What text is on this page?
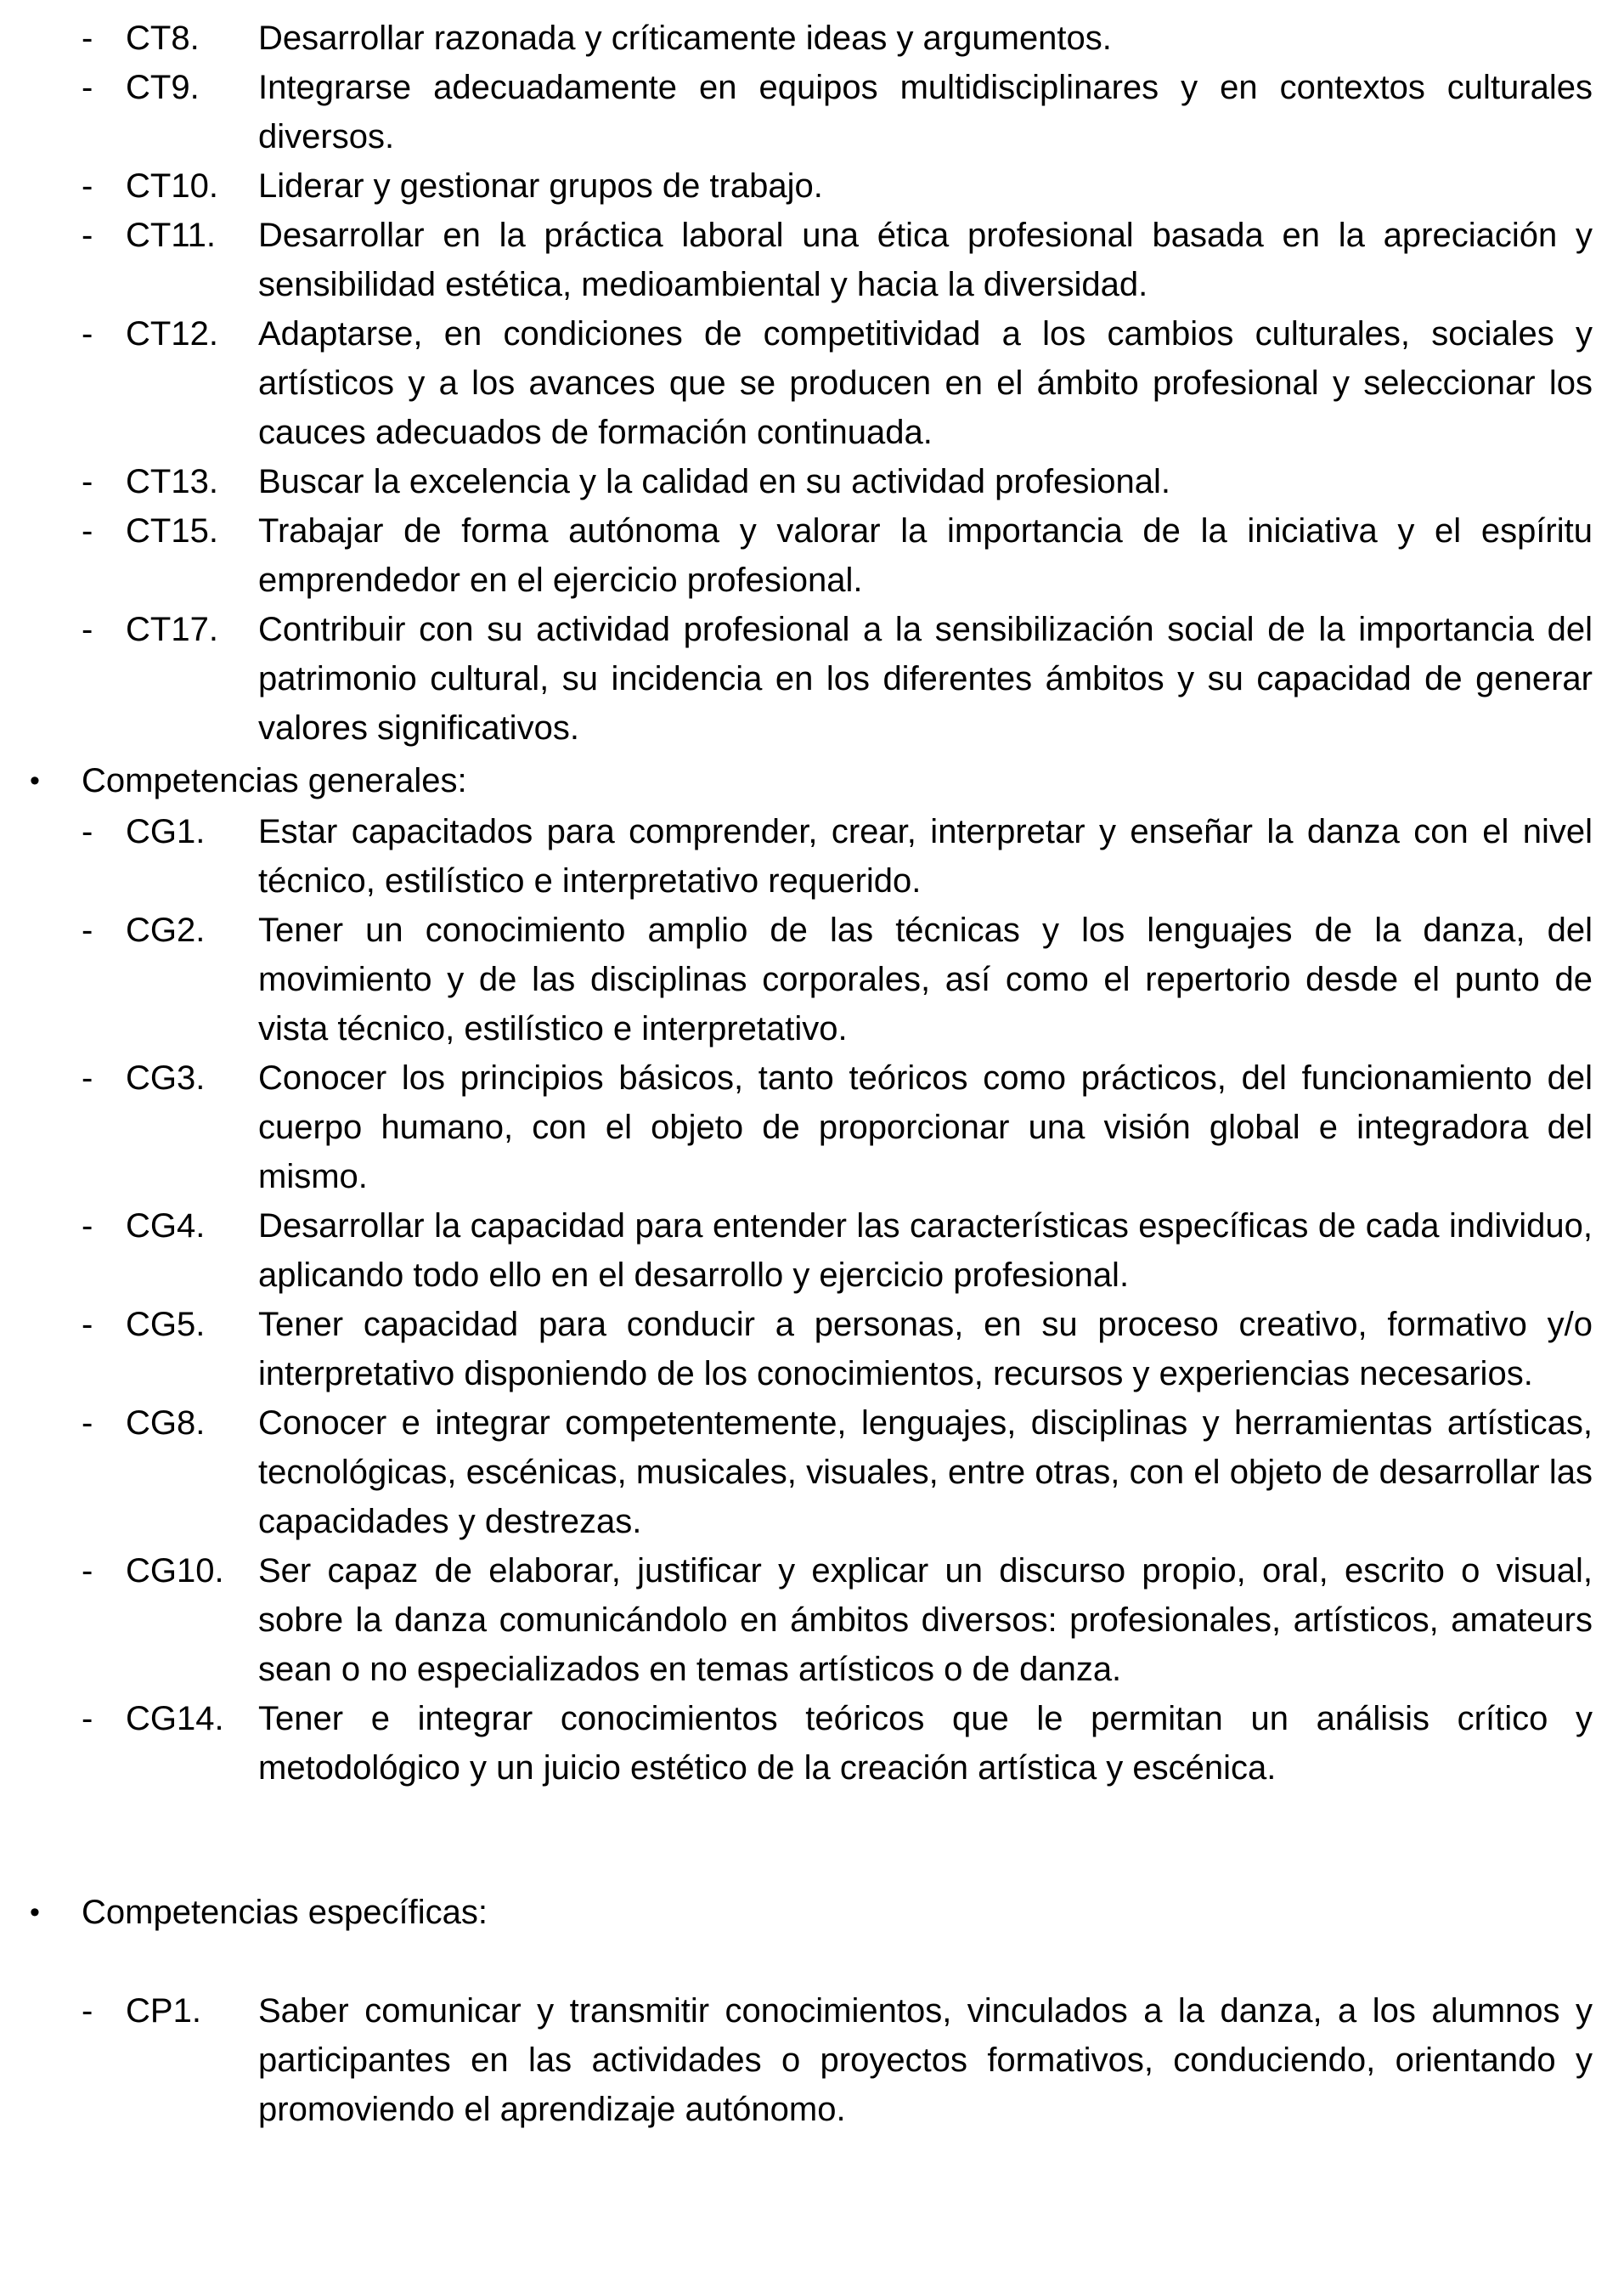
- CT8.	Desarrollar razonada y críticamente ideas y argumentos.

- CT9.	Integrarse adecuadamente en equipos multidisciplinares y en contextos culturales diversos.

- CT10.	Liderar y gestionar grupos de trabajo.

- CT11.	Desarrollar en la práctica laboral una ética profesional basada en la apreciación y sensibilidad estética, medioambiental y hacia la diversidad.

- CT12.	Adaptarse, en condiciones de competitividad a los cambios culturales, sociales y artísticos y a los avances que se producen en el ámbito profesional y seleccionar los cauces adecuados de formación continuada.

- CT13.	Buscar la excelencia y la calidad en su actividad profesional.

- CT15.	Trabajar de forma autónoma y valorar la importancia de la iniciativa y el espíritu emprendedor en el ejercicio profesional.

- CT17.	Contribuir con su actividad profesional a la sensibilización social de la importancia del patrimonio cultural, su incidencia en los diferentes ámbitos y su capacidad de generar valores significativos.

•	Competencias generales:
- CG1.	Estar capacitados para comprender, crear, interpretar y enseñar la danza con el nivel técnico, estilístico e interpretativo requerido.

- CG2.	Tener un conocimiento amplio de las técnicas y los lenguajes de la danza, del movimiento y de las disciplinas corporales, así como el repertorio desde el punto de vista técnico, estilístico e interpretativo.

- CG3.	Conocer los principios básicos, tanto teóricos como prácticos, del funcionamiento del cuerpo humano, con el objeto de proporcionar una visión global e integradora del mismo.

- CG4.	Desarrollar la capacidad para entender las características específicas de cada individuo, aplicando todo ello en el desarrollo y ejercicio profesional.

- CG5.	Tener capacidad para conducir a personas, en su proceso creativo, formativo y/o interpretativo disponiendo de los conocimientos, recursos y experiencias necesarios.

- CG8.	Conocer e integrar competentemente, lenguajes, disciplinas y herramientas artísticas, tecnológicas, escénicas, musicales, visuales, entre otras, con el objeto de desarrollar las capacidades y destrezas.

- CG10.	Ser capaz de elaborar, justificar y explicar un discurso propio, oral, escrito o visual, sobre la danza comunicándolo en ámbitos diversos: profesionales, artísticos, amateurs sean o no especializados en temas artísticos o de danza.

- CG14.	Tener e integrar conocimientos teóricos que le permitan un análisis crítico y metodológico y un juicio estético de la creación artística y escénica.

•	Competencias específicas:
- CP1.	Saber comunicar y transmitir conocimientos, vinculados a la danza, a los alumnos y participantes en las actividades o proyectos formativos, conduciendo, orientando y promoviendo el aprendizaje autónomo.
